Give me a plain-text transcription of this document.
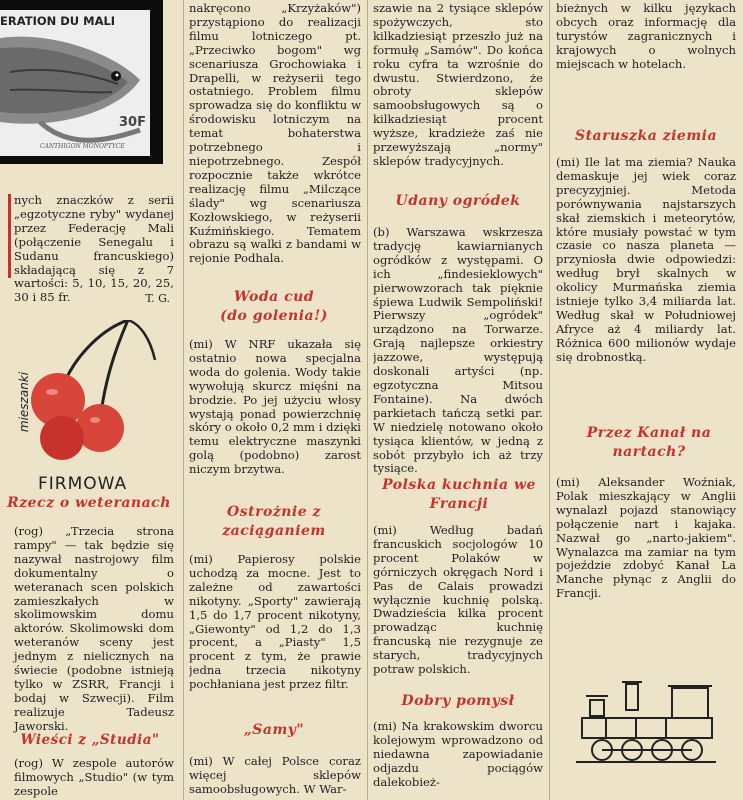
ERATION DU MALI
30F
CANTHIGON MONOPTYCE

nych znaczków z serii „egzotyczne ryby" wydanej przez Federację Mali (połączenie Senegalu i Sudanu francuskiego) składającą się z 7 wartości: 5, 10, 15, 20, 25, 30 i 85 fr.	T. G.

mieszanki
FIRMOWA
Rzecz o weteranach

(rog) „Trzecia strona rampy" — tak będzie się nazywał nastrojowy film dokumentalny o weteranach scen polskich zamieszkałych w skolimowskim domu aktorów. Skolimowski dom weteranów sceny jest jednym z nielicznych na świecie (podobne istnieją tylko w ZSRR, Francji i bodaj w Szwecji). Film realizuje Tadeusz Jaworski.

Wieści z „Studia"

(rog) W zespole autorów filmowych „Studio" (w tym zespole

nakręcono „Krzyżaków") przystąpiono do realizacji filmu lotniczego pt. „Przeciwko bogom" wg scenariusza Grochowiaka i Drapelli, w reżyserii tego ostatniego. Problem filmu sprowadza się do konfliktu w środowisku lotniczym na temat bohaterstwa potrzebnego i niepotrzebnego. Zespół rozpocznie także wkrótce realizację filmu „Milczące ślady" wg scenariusza Kozłowskiego, w reżyserii Kuźmińskiego. Tematem obrazu są walki z bandami w rejonie Podhala.

Woda cud (do golenia!)

(mi) W NRF ukazała się ostatnio nowa specjalna woda do golenia. Wody takie wywołują skurcz mięśni na brodzie. Po jej użyciu włosy wystają ponad powierzchnię skóry o około 0,2 mm i dzięki temu elektryczne maszynki golą (podobno) zarost niczym brzytwa.

Ostrożnie z zaciąganiem

(mi) Papierosy polskie uchodzą za mocne. Jest to zależne od zawartości nikotyny. „Sporty" zawierają 1,5 do 1,7 procent nikotyny, „Giewonty" od 1,2 do 1,3 procent, a „Piasty" 1,5 procent z tym, że prawie jedna trzecia nikotyny pochłaniana jest przez filtr.

„Samy"

(mi) W całej Polsce coraz więcej sklepów samoobsługowych. W War-

szawie na 2 tysiące sklepów spożywczych, sto kilkadziesiąt przeszło już na formułę „Samów". Do końca roku cyfra ta wzrośnie do dwustu. Stwierdzono, że obroty sklepów samoobsługowych są o kilkadziesiąt procent wyższe, kradzieże zaś nie przewyższają „normy" sklepów tradycyjnych.

Udany ogródek

(b) Warszawa wskrzesza tradycję kawiarnianych ogródków z występami. O ich „findesieklowych" pierwowzorach tak pięknie śpiewa Ludwik Sempoliński! Pierwszy „ogródek" urządzono na Torwarze. Grają najlepsze orkiestry jazzowe, występują doskonali artyści (np. egzotyczna Mitsou Fontaine). Na dwóch parkietach tańczą setki par. W niedzielę notowano około tysiąca klientów, w jedną z sobót przybyło ich aż trzy tysiące.

Polska kuchnia we Francji

(mi) Według badań francuskich socjologów 10 procent Polaków w górniczych okręgach Nord i Pas de Calais prowadzi wyłącznie kuchnię polską. Dwadzieścia kilka procent prowadząc kuchnię francuską nie rezygnuje ze starych, tradycyjnych potraw polskich.

Dobry pomysł

(mi) Na krakowskim dworcu kolejowym wprowadzono od niedawna zapowiadanie odjazdu pociągów dalekobież-

bieżnych w kilku językach obcych oraz informację dla turystów zagranicznych i krajowych o wolnych miejscach w hotelach.

Staruszka ziemia

(mi) Ile lat ma ziemia? Nauka demaskuje jej wiek coraz precyzyjniej. Metoda porównywania najstarszych skał ziemskich i meteorytów, które musiały powstać w tym czasie co nasza planeta — przyniosła dwie odpowiedzi: według brył skalnych w okolicy Murmańska ziemia istnieje tylko 3,4 miliarda lat. Według skał w Południowej Afryce aż 4 miliardy lat. Różnica 600 milionów wydaje się drobnostką.

Przez Kanał na nartach?

(mi) Aleksander Woźniak, Polak mieszkający w Anglii wynalazł pojazd stanowiący połączenie nart i kajaka. Nazwał go „narto-jakiem". Wynalazca ma zamiar na tym pojeździe zdobyć Kanał La Manche płynąc z Anglii do Francji.
